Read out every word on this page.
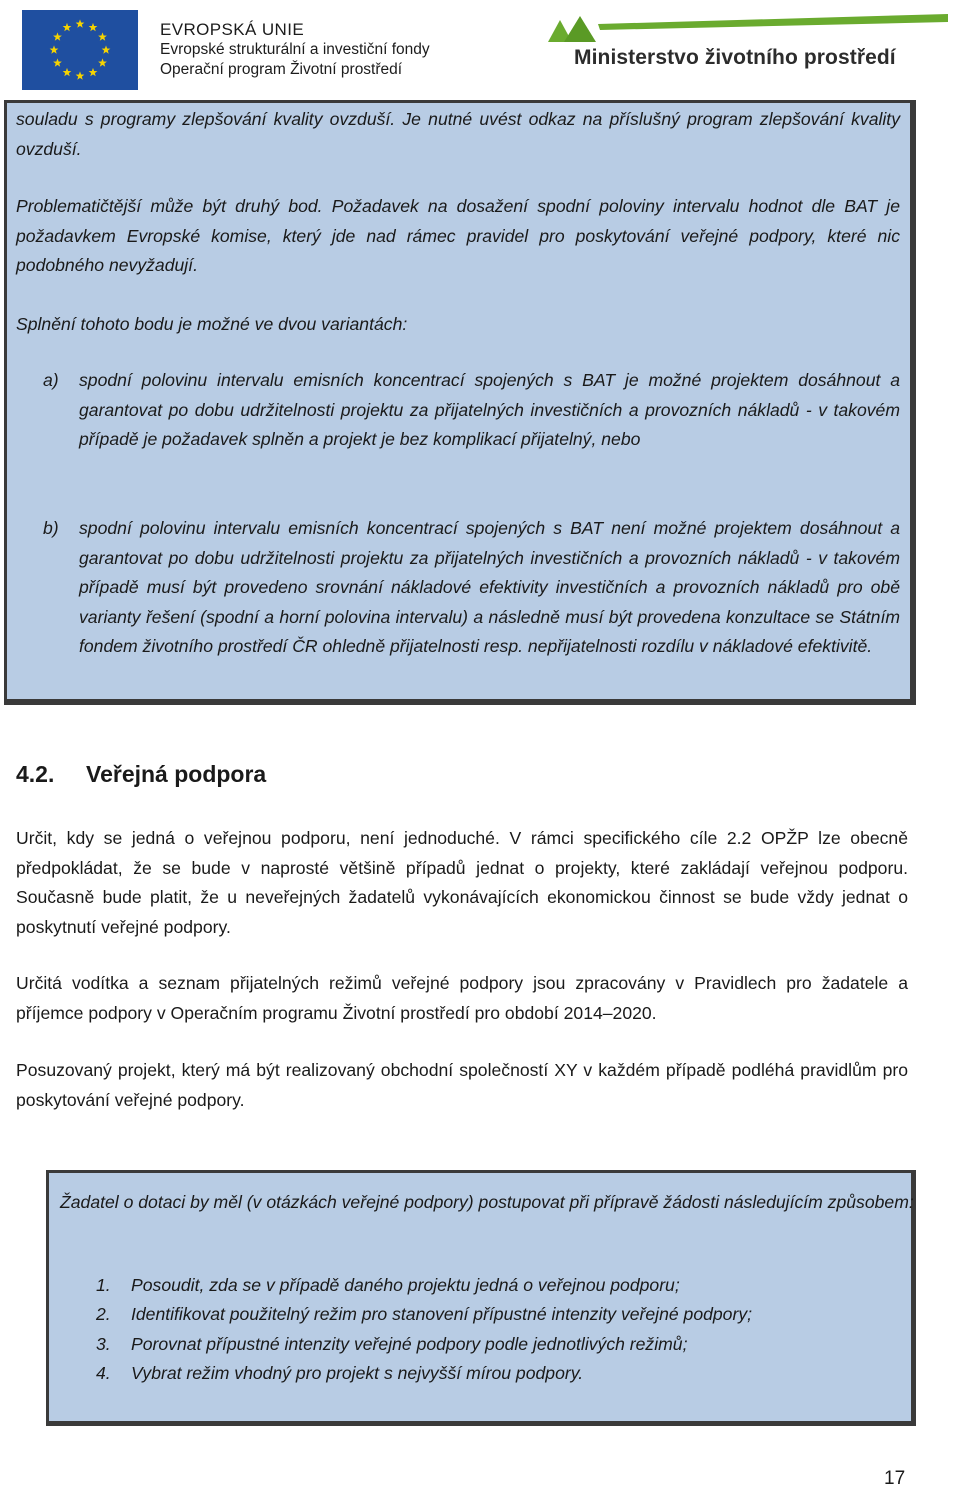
EVROPSKÁ UNIE
Evropské strukturální a investiční fondy
Operační program Životní prostředí
Ministerstvo životního prostředí

souladu s programy zlepšování kvality ovzduší. Je nutné uvést odkaz na příslušný program zlepšování kvality ovzduší.

Problematičtější může být druhý bod. Požadavek na dosažení spodní poloviny intervalu hodnot dle BAT je požadavkem Evropské komise, který jde nad rámec pravidel pro poskytování veřejné podpory, které nic podobného nevyžadují.

Splnění tohoto bodu je možné ve dvou variantách:

a) spodní polovinu intervalu emisních koncentrací spojených s BAT je možné projektem dosáhnout a garantovat po dobu udržitelnosti projektu za přijatelných investičních a provozních nákladů - v takovém případě je požadavek splněn a projekt je bez komplikací přijatelný, nebo
b) spodní polovinu intervalu emisních koncentrací spojených s BAT není možné projektem dosáhnout a garantovat po dobu udržitelnosti projektu za přijatelných investičních a provozních nákladů - v takovém případě musí být provedeno srovnání nákladové efektivity investičních a provozních nákladů pro obě varianty řešení (spodní a horní polovina intervalu) a následně musí být provedena konzultace se Státním fondem životního prostředí ČR ohledně přijatelnosti resp. nepřijatelnosti rozdílu v nákladové efektivitě.
4.2. Veřejná podpora

Určit, kdy se jedná o veřejnou podporu, není jednoduché. V rámci specifického cíle 2.2 OPŽP lze obecně předpokládat, že se bude v naprosté většině případů jednat o projekty, které zakládají veřejnou podporu. Současně bude platit, že u neveřejných žadatelů vykonávajících ekonomickou činnost se bude vždy jednat o poskytnutí veřejné podpory.

Určitá vodítka a seznam přijatelných režimů veřejné podpory jsou zpracovány v Pravidlech pro žadatele a příjemce podpory v Operačním programu Životní prostředí pro období 2014–2020.

Posuzovaný projekt, který má být realizovaný obchodní společností XY v každém případě podléhá pravidlům pro poskytování veřejné podpory.

Žadatel o dotaci by měl (v otázkách veřejné podpory) postupovat při přípravě žádosti následujícím způsobem:

1. Posoudit, zda se v případě daného projektu jedná o veřejnou podporu;
2. Identifikovat použitelný režim pro stanovení přípustné intenzity veřejné podpory;
3. Porovnat přípustné intenzity veřejné podpory podle jednotlivých režimů;
4. Vybrat režim vhodný pro projekt s nejvyšší mírou podpory.
17
